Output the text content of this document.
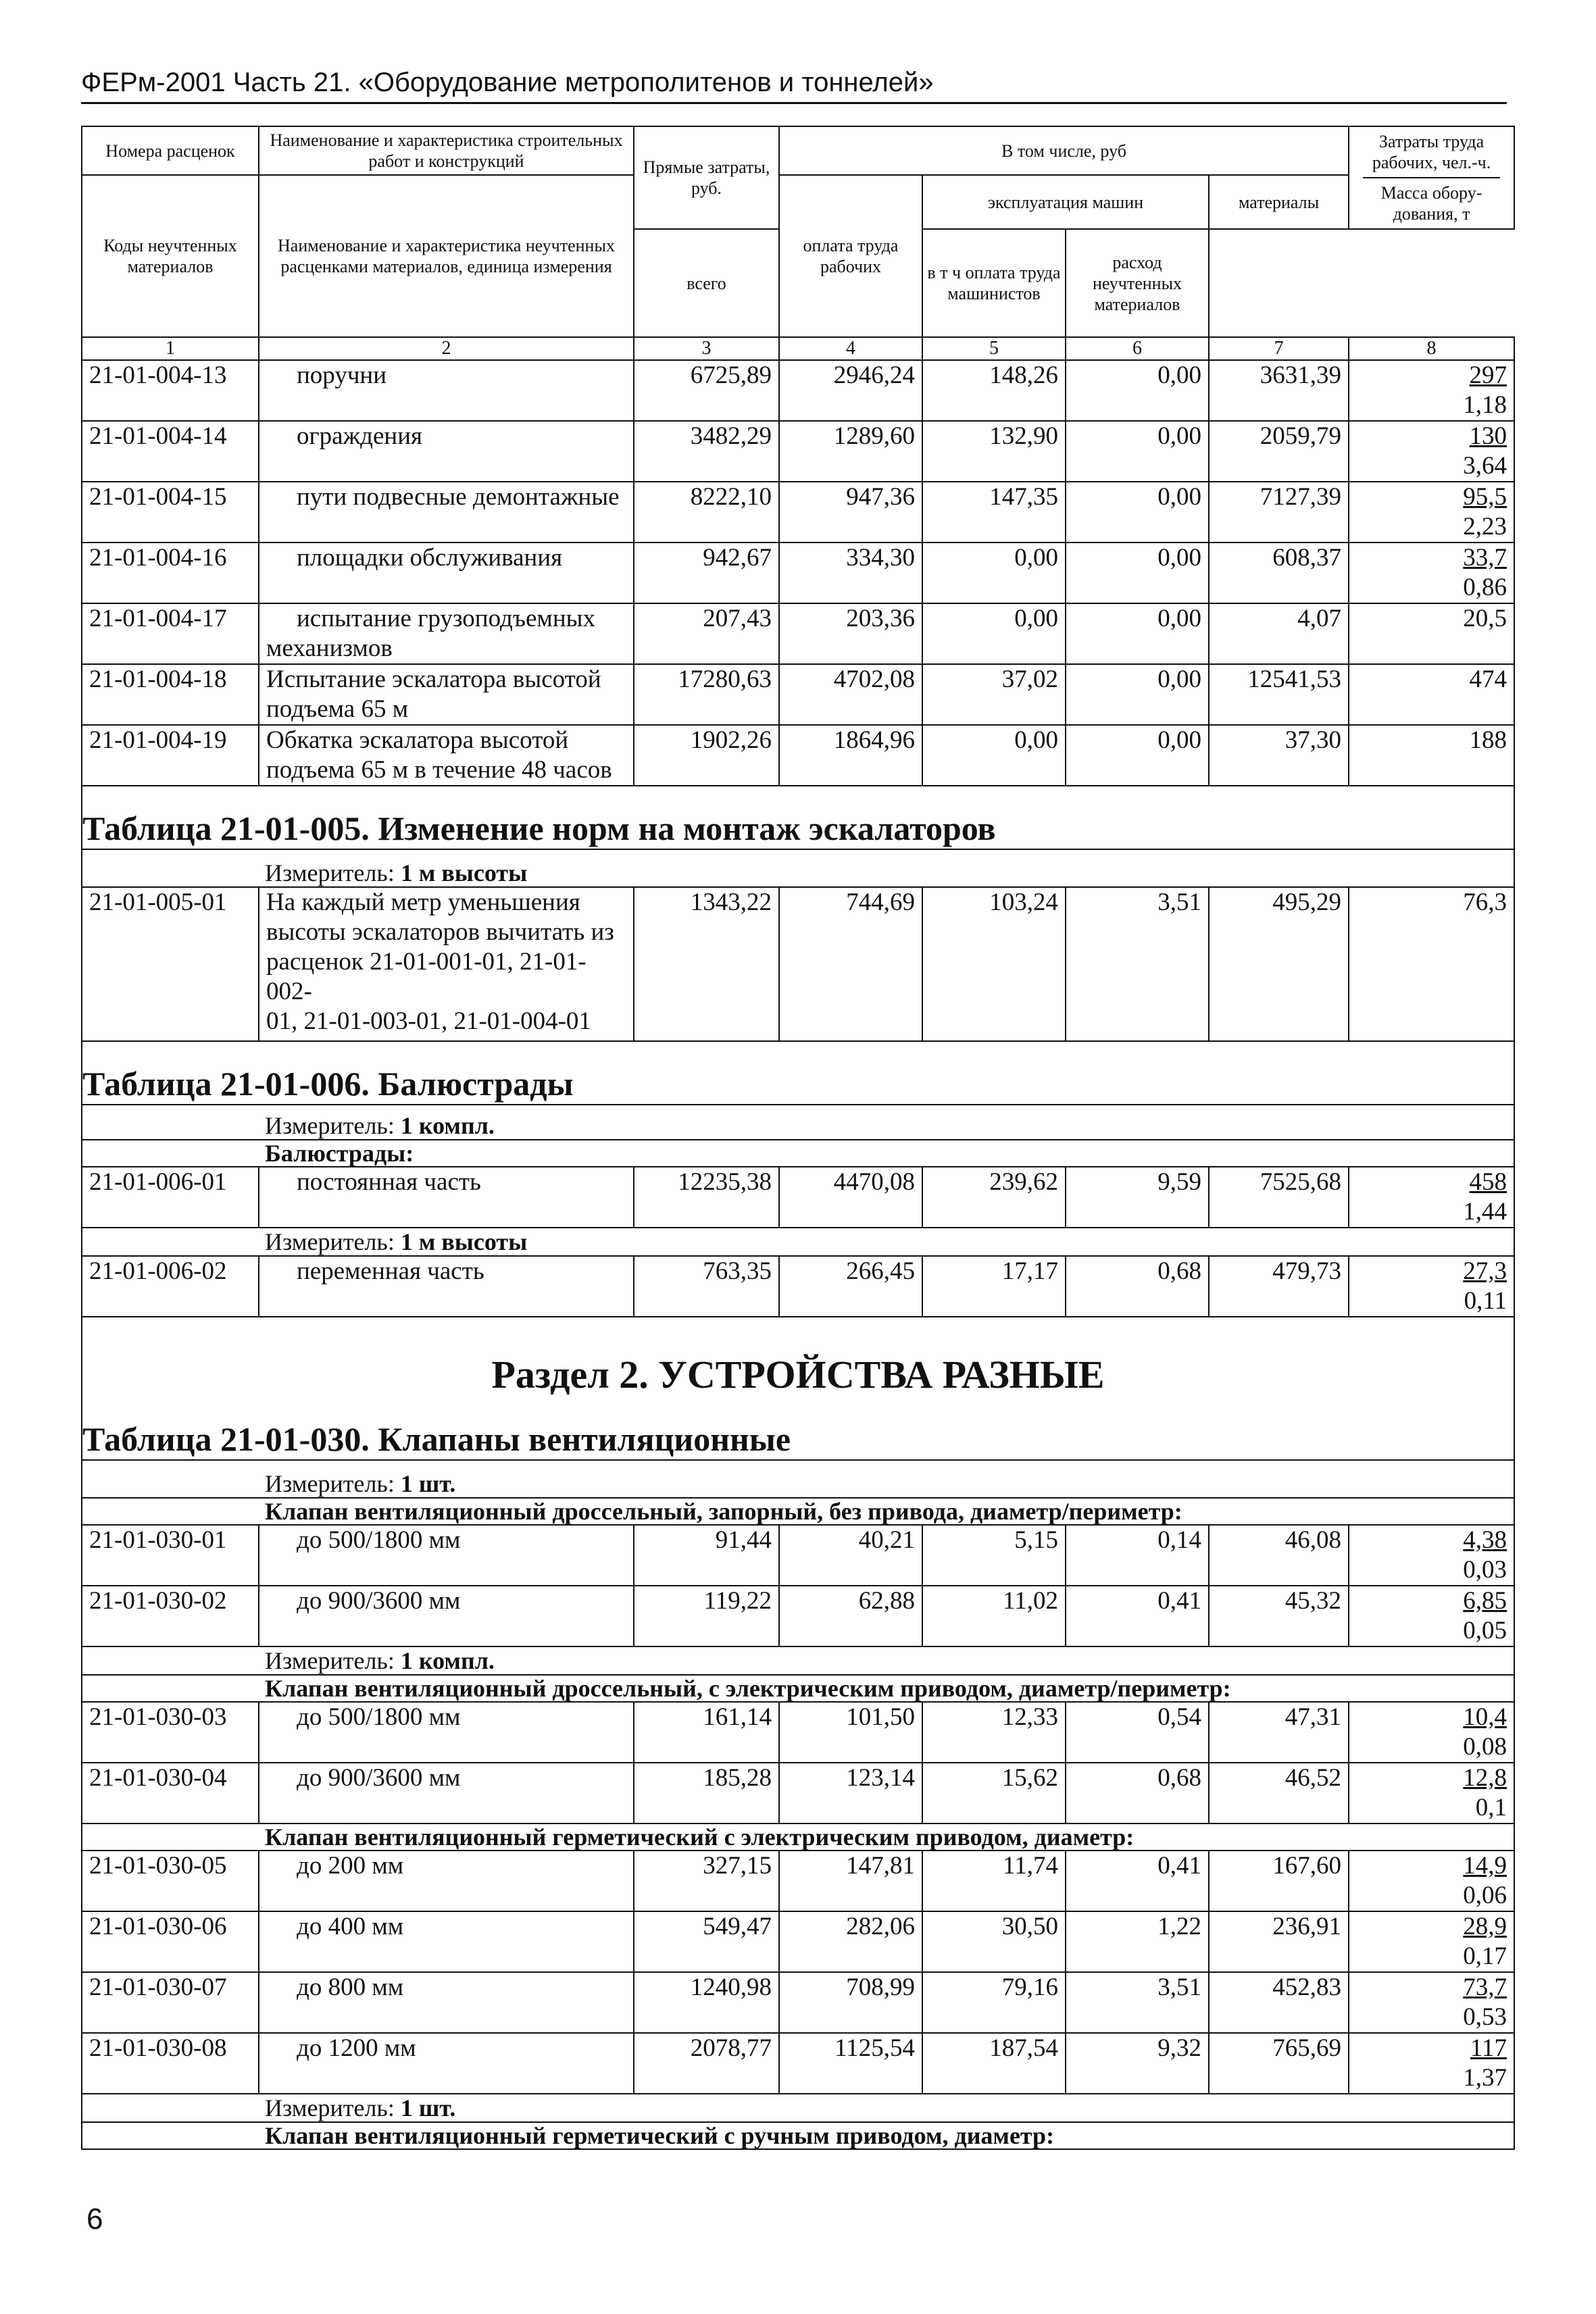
ФЕРм-2001 Часть 21. «Оборудование метрополитенов и тоннелей»
Номера расценок	Наименование и характеристика строительных работ и конструкций	Прямые затраты, руб.	В том числе, руб				Затраты труда рабочих, чел.-ч.
Масса обору- дования, т

Коды неучтенных материалов	Наименование и характеристика неучтенных расценками материалов, единица измерения		оплата труда рабочих	эксплуатация машин		материалы	
		всего		в т ч оплата труда машинистов	расход неучтенных материалов		
1	2	3	4	5	6	7	8
21-01-004-13	поручни	6725,89	2946,24	148,26	0,00	3631,39	297
1,18

21-01-004-14	ограждения	3482,29	1289,60	132,90	0,00	2059,79	130
3,64

21-01-004-15	пути подвесные демонтажные	8222,10	947,36	147,35	0,00	7127,39	95,5
2,23

21-01-004-16	площадки обслуживания	942,67	334,30	0,00	0,00	608,37	33,7
0,86

21-01-004-17	испытание грузоподъемных
механизмов	207,43	203,36	0,00	0,00	4,07	20,5
21-01-004-18	Испытание эскалатора высотой
подъема 65 м	17280,63	4702,08	37,02	0,00	12541,53	474
21-01-004-19	Обкатка эскалатора высотой
подъема 65 м в течение 48 часов	1902,26	1864,96	0,00	0,00	37,30	188
Таблица 21-01-005. Изменение норм на монтаж эскалаторов							
Измеритель: 1 м высоты							
21-01-005-01	На каждый метр уменьшения
высоты эскалаторов вычитать из
расценок 21-01-001-01, 21-01-002-
01, 21-01-003-01, 21-01-004-01	1343,22	744,69	103,24	3,51	495,29	76,3
Таблица 21-01-006. Балюстрады							
Измеритель: 1 компл.							
Балюстрады:							
21-01-006-01	постоянная часть	12235,38	4470,08	239,62	9,59	7525,68	458
1,44

Измеритель: 1 м высоты							
21-01-006-02	переменная часть	763,35	266,45	17,17	0,68	479,73	27,3
0,11

Раздел 2. УСТРОЙСТВА РАЗНЫЕ							
Таблица 21-01-030. Клапаны вентиляционные							
Измеритель: 1 шт.							
Клапан вентиляционный дроссельный, запорный, без привода, диаметр/периметр:							
21-01-030-01	до 500/1800 мм	91,44	40,21	5,15	0,14	46,08	4,38
0,03

21-01-030-02	до 900/3600 мм	119,22	62,88	11,02	0,41	45,32	6,85
0,05

Измеритель: 1 компл.							
Клапан вентиляционный дроссельный, с электрическим приводом, диаметр/периметр:							
21-01-030-03	до 500/1800 мм	161,14	101,50	12,33	0,54	47,31	10,4
0,08

21-01-030-04	до 900/3600 мм	185,28	123,14	15,62	0,68	46,52	12,8
0,1

Клапан вентиляционный герметический с электрическим приводом, диаметр:							
21-01-030-05	до 200 мм	327,15	147,81	11,74	0,41	167,60	14,9
0,06

21-01-030-06	до 400 мм	549,47	282,06	30,50	1,22	236,91	28,9
0,17

21-01-030-07	до 800 мм	1240,98	708,99	79,16	3,51	452,83	73,7
0,53

21-01-030-08	до 1200 мм	2078,77	1125,54	187,54	9,32	765,69	117
1,37

Измеритель: 1 шт.							
Клапан вентиляционный герметический с ручным приводом, диаметр:							
6
